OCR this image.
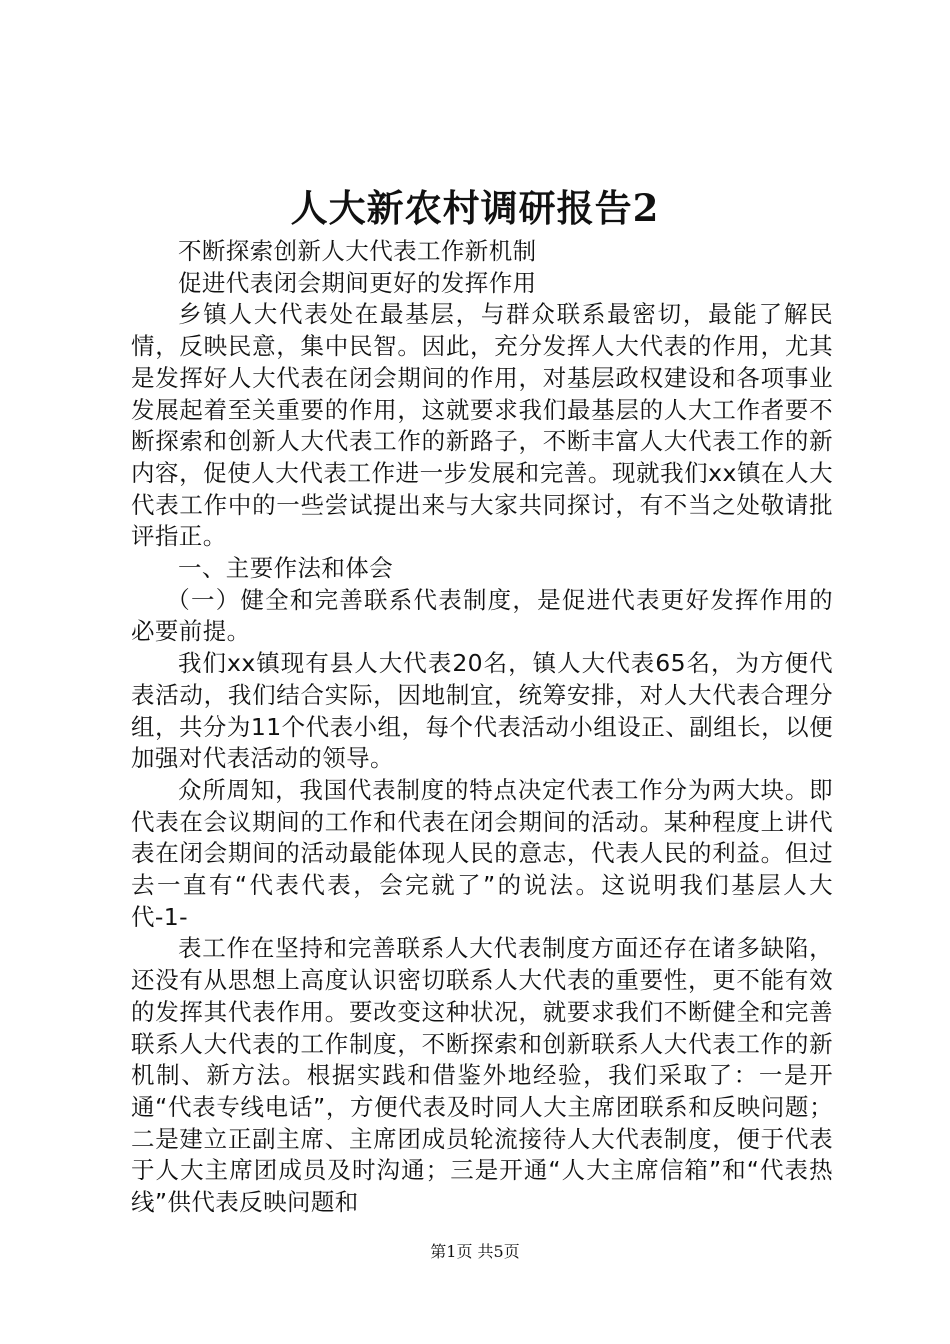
人大新农村调研报告2

不断探索创新人大代表工作新机制

促进代表闭会期间更好的发挥作用

乡镇人大代表处在最基层，与群众联系最密切，最能了解民情，反映民意，集中民智。因此，充分发挥人大代表的作用，尤其是发挥好人大代表在闭会期间的作用，对基层政权建设和各项事业发展起着至关重要的作用，这就要求我们最基层的人大工作者要不断探索和创新人大代表工作的新路子，不断丰富人大代表工作的新内容，促使人大代表工作进一步发展和完善。现就我们xx镇在人大代表工作中的一些尝试提出来与大家共同探讨，有不当之处敬请批评指正。

一、主要作法和体会

（一）健全和完善联系代表制度，是促进代表更好发挥作用的必要前提。

我们xx镇现有县人大代表20名，镇人大代表65名，为方便代表活动，我们结合实际，因地制宜，统筹安排，对人大代表合理分组，共分为11个代表小组，每个代表活动小组设正、副组长，以便加强对代表活动的领导。

众所周知，我国代表制度的特点决定代表工作分为两大块。即代表在会议期间的工作和代表在闭会期间的活动。某种程度上讲代表在闭会期间的活动最能体现人民的意志，代表人民的利益。但过去一直有“代表代表，会完就了”的说法。这说明我们基层人大代-1-

表工作在坚持和完善联系人大代表制度方面还存在诸多缺陷，还没有从思想上高度认识密切联系人大代表的重要性，更不能有效的发挥其代表作用。要改变这种状况，就要求我们不断健全和完善联系人大代表的工作制度，不断探索和创新联系人大代表工作的新机制、新方法。根据实践和借鉴外地经验，我们采取了：一是开通“代表专线电话”，方便代表及时同人大主席团联系和反映问题；二是建立正副主席、主席团成员轮流接待人大代表制度，便于代表于人大主席团成员及时沟通；三是开通“人大主席信箱”和“代表热线”供代表反映问题和

第1页 共5页
